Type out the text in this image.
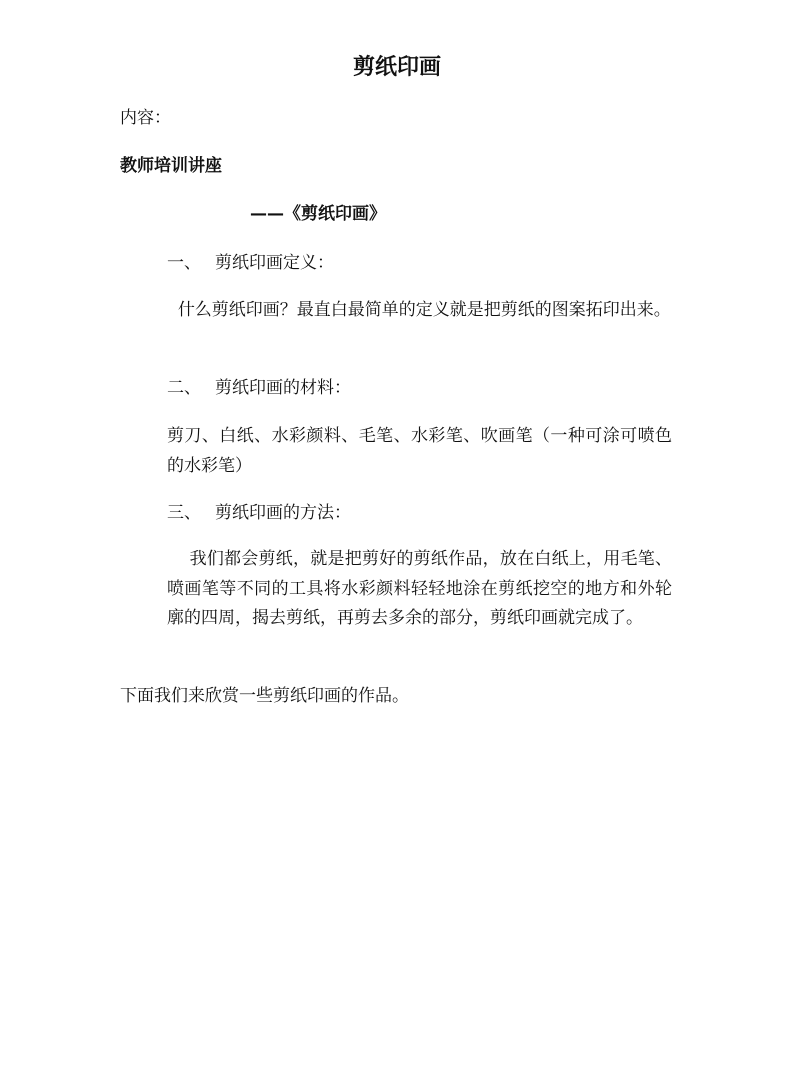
剪纸印画
内容：
教师培训讲座
——《剪纸印画》
一、 剪纸印画定义：
什么剪纸印画？最直白最简单的定义就是把剪纸的图案拓印出来。
二、 剪纸印画的材料：
剪刀、白纸、水彩颜料、毛笔、水彩笔、吹画笔（一种可涂可喷色的水彩笔）
三、 剪纸印画的方法：
我们都会剪纸，就是把剪好的剪纸作品，放在白纸上，用毛笔、喷画笔等不同的工具将水彩颜料轻轻地涂在剪纸挖空的地方和外轮廓的四周，揭去剪纸，再剪去多余的部分，剪纸印画就完成了。
下面我们来欣赏一些剪纸印画的作品。
